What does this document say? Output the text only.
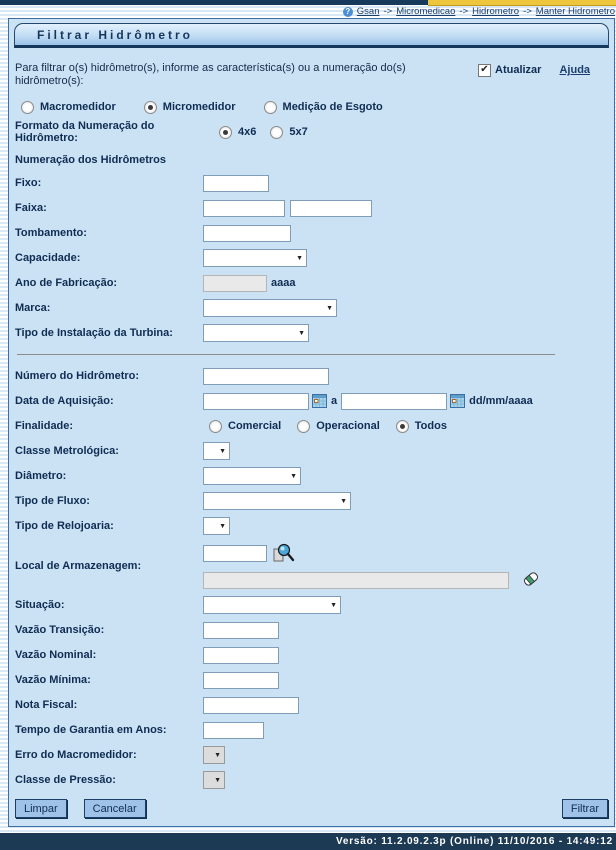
? Gsan -> Micromedicao -> Hidrometro -> Manter Hidrometro
Filtrar Hidrômetro
Para filtrar o(s) hidrômetro(s), informe as característica(s) ou a numeração do(s) hidrômetro(s):
✔ Atualizar Ajuda
Macromedidor	Micromedidor	Medição de Esgoto
Formato da Numeração do Hidrômetro:	4x6	5x7
Numeração dos Hidrômetros
Fixo:
Faixa:
Tombamento:
Capacidade:	▼
Ano de Fabricação:	aaaa
Marca:	▼
Tipo de Instalação da Turbina:	▼
Número do Hidrômetro:
Data de Aquisição:	a	dd/mm/aaaa
Finalidade:	Comercial	Operacional	Todos
Classe Metrológica:	▼
Diâmetro:	▼
Tipo de Fluxo:	▼
Tipo de Relojoaria:	▼
Local de Armazenagem:
Situação:	▼
Vazão Transição:
Vazão Nominal:
Vazão Mínima:
Nota Fiscal:
Tempo de Garantia em Anos:
Erro do Macromedidor:	▼
Classe de Pressão:	▼
Limpar	Cancelar	Filtrar
Versão: 11.2.09.2.3p (Online) 11/10/2016 - 14:49:12
